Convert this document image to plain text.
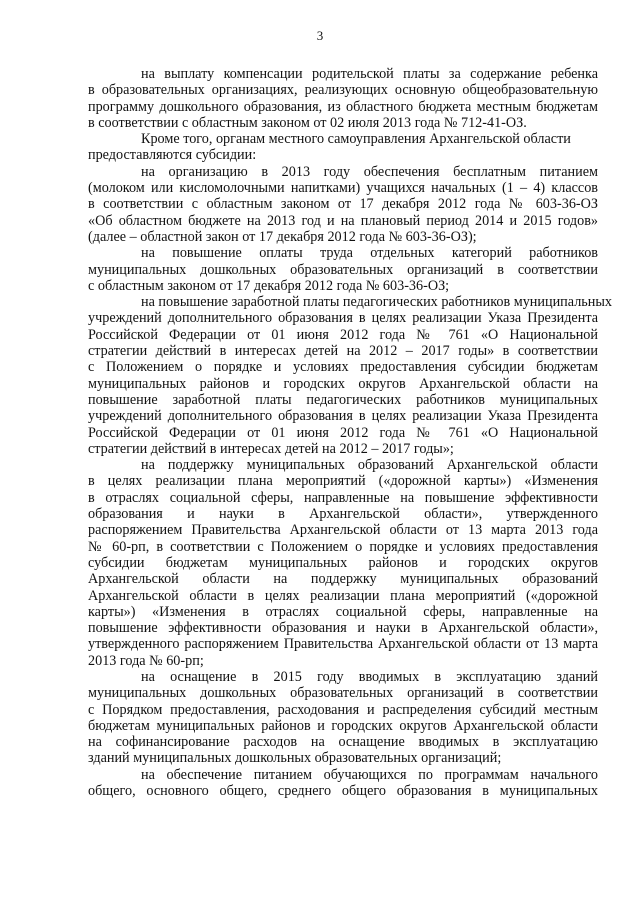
3

на выплату компенсации родительской платы за содержание ребенка

в образовательных организациях, реализующих основную общеобразовательную

программу дошкольного образования, из областного бюджета местным бюджетам

в соответствии с областным законом от 02 июля 2013 года № 712-41-ОЗ.

Кроме того, органам местного самоуправления Архангельской области

предоставляются субсидии:

на организацию в 2013 году обеспечения бесплатным питанием

(молоком или кисломолочными напитками) учащихся начальных (1 – 4) классов

в соответствии с областным законом от 17 декабря 2012 года № 603-36-ОЗ

«Об областном бюджете на 2013 год и на плановый период 2014 и 2015 годов»

(далее – областной закон от 17 декабря 2012 года № 603-36-ОЗ);

на повышение оплаты труда отдельных категорий работников

муниципальных дошкольных образовательных организаций в соответствии

с областным законом от 17 декабря 2012 года № 603-36-ОЗ;

на повышение заработной платы педагогических работников муниципальных

учреждений дополнительного образования в целях реализации Указа Президента

Российской Федерации от 01 июня 2012 года № 761 «О Национальной

стратегии действий в интересах детей на 2012 – 2017 годы» в соответствии

с Положением о порядке и условиях предоставления субсидии бюджетам

муниципальных районов и городских округов Архангельской области на

повышение заработной платы педагогических работников муниципальных

учреждений дополнительного образования в целях реализации Указа Президента

Российской Федерации от 01 июня 2012 года № 761 «О Национальной

стратегии действий в интересах детей на 2012 – 2017 годы»;

на поддержку муниципальных образований Архангельской области

в целях реализации плана мероприятий («дорожной карты») «Изменения

в отраслях социальной сферы, направленные на повышение эффективности

образования и науки в Архангельской области», утвержденного

распоряжением Правительства Архангельской области от 13 марта 2013 года

№ 60-рп, в соответствии с Положением о порядке и условиях предоставления

субсидии бюджетам муниципальных районов и городских округов

Архангельской области на поддержку муниципальных образований

Архангельской области в целях реализации плана мероприятий («дорожной

карты») «Изменения в отраслях социальной сферы, направленные на

повышение эффективности образования и науки в Архангельской области»,

утвержденного распоряжением Правительства Архангельской области от 13 марта

2013 года № 60-рп;

на оснащение в 2015 году вводимых в эксплуатацию зданий

муниципальных дошкольных образовательных организаций в соответствии

с Порядком предоставления, расходования и распределения субсидий местным

бюджетам муниципальных районов и городских округов Архангельской области

на софинансирование расходов на оснащение вводимых в эксплуатацию

зданий муниципальных дошкольных образовательных организаций;

на обеспечение питанием обучающихся по программам начального

общего, основного общего, среднего общего образования в муниципальных
